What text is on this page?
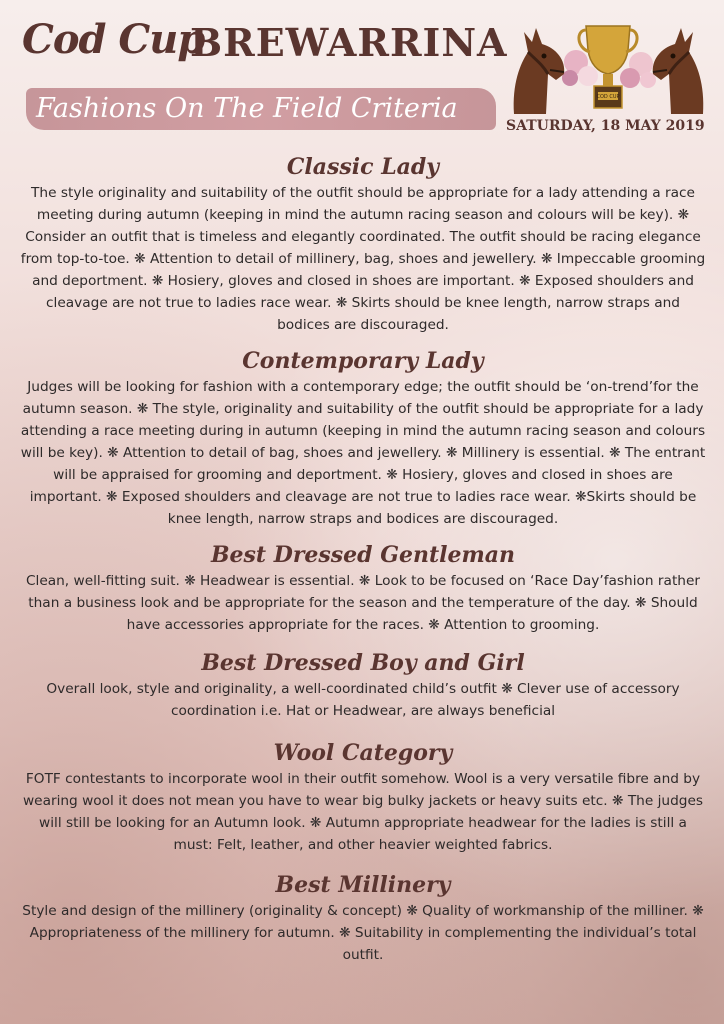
Cod Cup
BREWARRINA
Fashions On The Field Criteria	COD CUP
SATURDAY, 18 MAY 2019
Classic Lady

The style originality and suitability of the outfit should be appropriate for a lady attending a race meeting during autumn (keeping in mind the autumn racing season and colours will be key). ❋ Consider an outfit that is timeless and elegantly coordinated. The outfit should be racing elegance from top-to-toe. ❋ Attention to detail of millinery, bag, shoes and jewellery. ❋ Impeccable grooming and deportment. ❋ Hosiery, gloves and closed in shoes are important. ❋ Exposed shoulders and cleavage are not true to ladies race wear. ❋ Skirts should be knee length, narrow straps and bodices are discouraged.

Contemporary Lady

Judges will be looking for fashion with a contemporary edge; the outfit should be ‘on-trend’for the autumn season. ❋ The style, originality and suitability of the outfit should be appropriate for a lady attending a race meeting during in autumn (keeping in mind the autumn racing season and colours will be key). ❋ Attention to detail of bag, shoes and jewellery. ❋ Millinery is essential. ❋ The entrant will be appraised for grooming and deportment. ❋ Hosiery, gloves and closed in shoes are important. ❋ Exposed shoulders and cleavage are not true to ladies race wear. ❋Skirts should be knee length, narrow straps and bodices are discouraged.

Best Dressed Gentleman

Clean, well-fitting suit. ❋ Headwear is essential. ❋ Look to be focused on ‘Race Day’fashion rather than a business look and be appropriate for the season and the temperature of the day. ❋ Should have accessories appropriate for the races. ❋ Attention to grooming.

Best Dressed Boy and Girl

Overall look, style and originality, a well-coordinated child’s outfit ❋ Clever use of accessory coordination i.e. Hat or Headwear, are always beneficial

Wool Category

FOTF contestants to incorporate wool in their outfit somehow. Wool is a very versatile fibre and by wearing wool it does not mean you have to wear big bulky jackets or heavy suits etc. ❋ The judges will still be looking for an Autumn look. ❋ Autumn appropriate headwear for the ladies is still a must: Felt, leather, and other heavier weighted fabrics.

Best Millinery

Style and design of the millinery (originality & concept) ❋ Quality of workmanship of the milliner. ❋ Appropriateness of the millinery for autumn. ❋ Suitability in complementing the individual’s total outfit.
